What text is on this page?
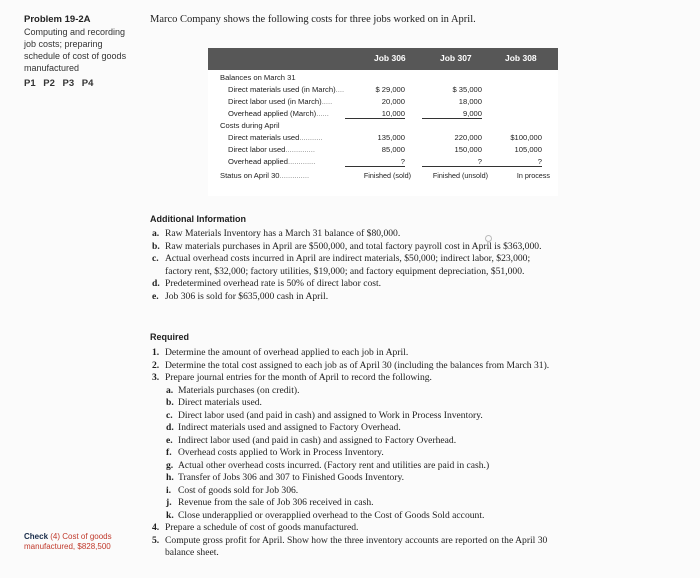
Problem 19-2A
Computing and recording
job costs; preparing
schedule of cost of goods
manufactured
P1 P2 P3 P4
Check (4) Cost of goods manufactured, $828,500
Marco Company shows the following costs for three jobs worked on in April.
Job 306	Job 307	Job 308
Balances on March 31
Direct materials used (in March)....	$ 29,000	$ 35,000
Direct labor used (in March).....	20,000	18,000
Overhead applied (March)......	10,000	9,000
Costs during April
Direct materials used...........	135,000	220,000	$100,000
Direct labor used..............	85,000	150,000	105,000
Overhead applied.............	?	?	?
Status on April 30..............	Finished (sold)	Finished (unsold)	In process
Additional Information
a. Raw Materials Inventory has a March 31 balance of $80,000.
b. Raw materials purchases in April are $500,000, and total factory payroll cost in April is $363,000.
c. Actual overhead costs incurred in April are indirect materials, $50,000; indirect labor, $23,000;
factory rent, $32,000; factory utilities, $19,000; and factory equipment depreciation, $51,000.
d. Predetermined overhead rate is 50% of direct labor cost.
e. Job 306 is sold for $635,000 cash in April.
Required
1. Determine the amount of overhead applied to each job in April.
2. Determine the total cost assigned to each job as of April 30 (including the balances from March 31).
3. Prepare journal entries for the month of April to record the following.
a. Materials purchases (on credit).
b. Direct materials used.
c. Direct labor used (and paid in cash) and assigned to Work in Process Inventory.
d. Indirect materials used and assigned to Factory Overhead.
e. Indirect labor used (and paid in cash) and assigned to Factory Overhead.
f. Overhead costs applied to Work in Process Inventory.
g. Actual other overhead costs incurred. (Factory rent and utilities are paid in cash.)
h. Transfer of Jobs 306 and 307 to Finished Goods Inventory.
i. Cost of goods sold for Job 306.
j. Revenue from the sale of Job 306 received in cash.
k. Close underapplied or overapplied overhead to the Cost of Goods Sold account.
4. Prepare a schedule of cost of goods manufactured.
5. Compute gross profit for April. Show how the three inventory accounts are reported on the April 30
balance sheet.
